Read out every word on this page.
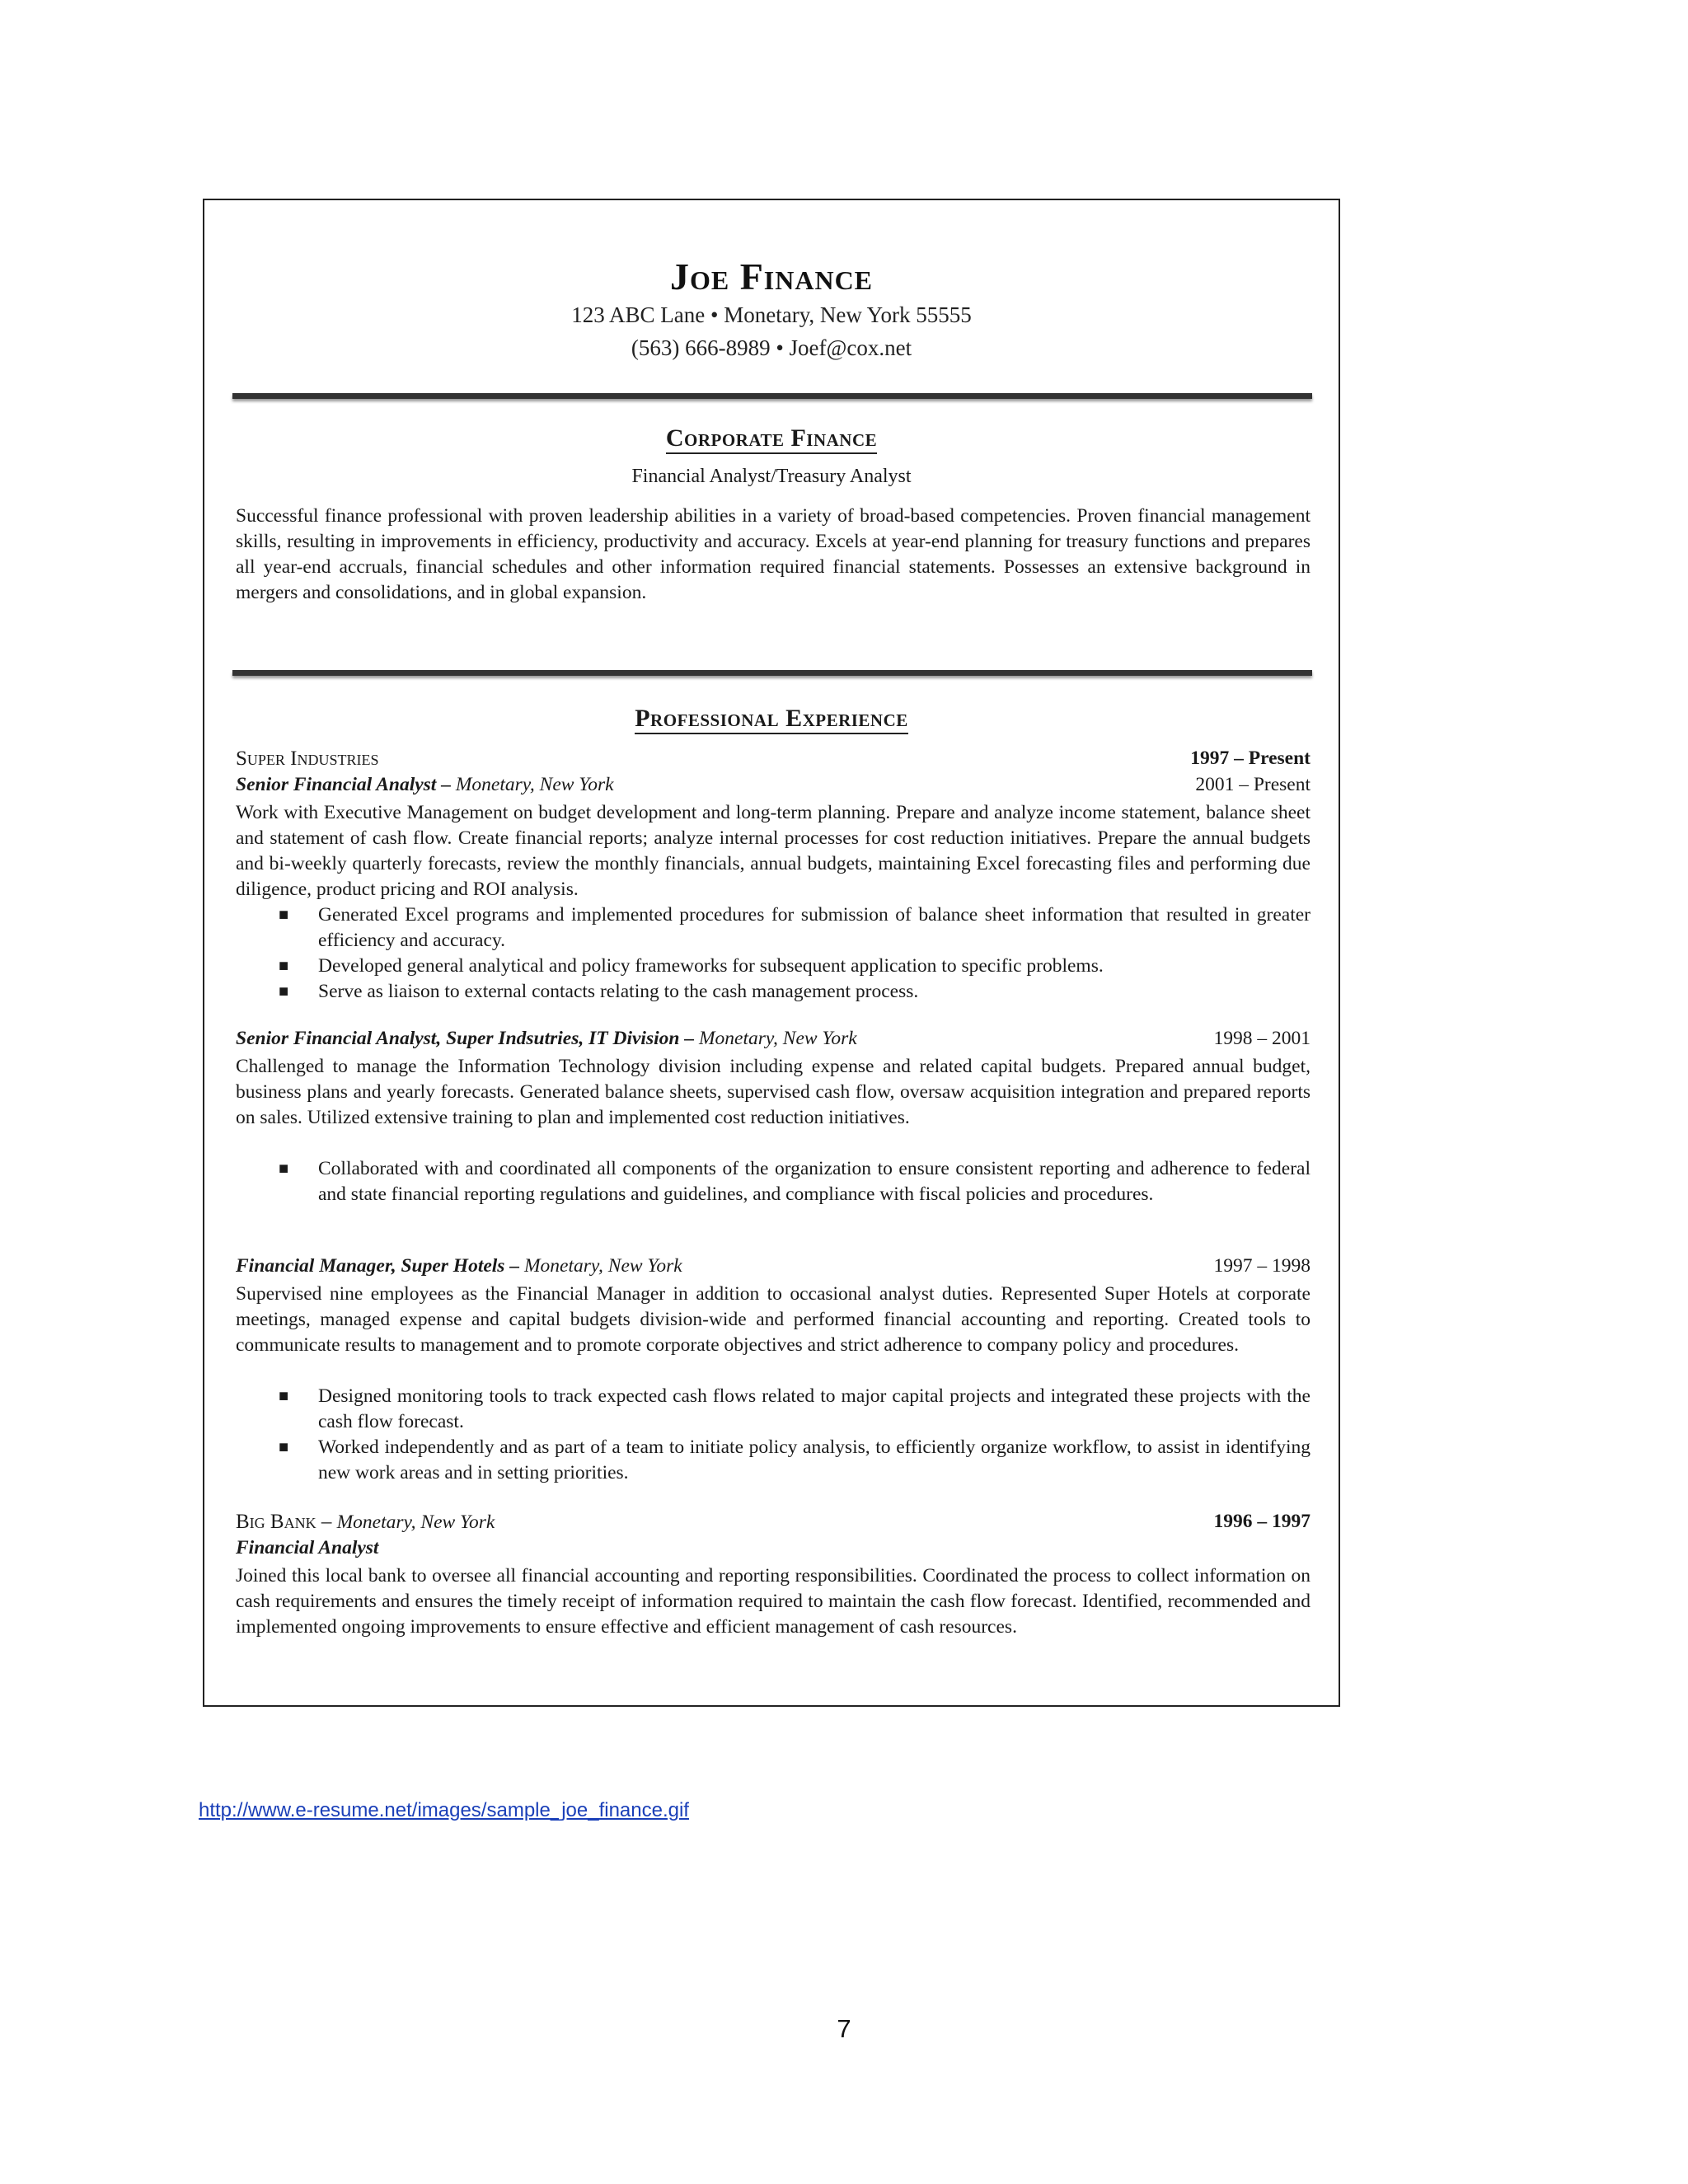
Joe Finance
123 ABC Lane • Monetary, New York 55555
(563) 666-8989 • Joef@cox.net
Corporate Finance
Financial Analyst/Treasury Analyst

Successful finance professional with proven leadership abilities in a variety of broad-based competencies. Proven financial management skills, resulting in improvements in efficiency, productivity and accuracy. Excels at year-end planning for treasury functions and prepares all year-end accruals, financial schedules and other information required financial statements. Possesses an extensive background in mergers and consolidations, and in global expansion.

Professional Experience
Super Industries	1997 – Present
Senior Financial Analyst – Monetary, New York	2001 – Present

Work with Executive Management on budget development and long-term planning. Prepare and analyze income statement, balance sheet and statement of cash flow. Create financial reports; analyze internal processes for cost reduction initiatives. Prepare the annual budgets and bi-weekly quarterly forecasts, review the monthly financials, annual budgets, maintaining Excel forecasting files and performing due diligence, product pricing and ROI analysis.

■ Generated Excel programs and implemented procedures for submission of balance sheet information that resulted in greater efficiency and accuracy.
■ Developed general analytical and policy frameworks for subsequent application to specific problems.
■ Serve as liaison to external contacts relating to the cash management process.
Senior Financial Analyst, Super Indsutries, IT Division – Monetary, New York	1998 – 2001

Challenged to manage the Information Technology division including expense and related capital budgets. Prepared annual budget, business plans and yearly forecasts. Generated balance sheets, supervised cash flow, oversaw acquisition integration and prepared reports on sales. Utilized extensive training to plan and implemented cost reduction initiatives.

■ Collaborated with and coordinated all components of the organization to ensure consistent reporting and adherence to federal and state financial reporting regulations and guidelines, and compliance with fiscal policies and procedures.
Financial Manager, Super Hotels – Monetary, New York	1997 – 1998

Supervised nine employees as the Financial Manager in addition to occasional analyst duties. Represented Super Hotels at corporate meetings, managed expense and capital budgets division-wide and performed financial accounting and reporting. Created tools to communicate results to management and to promote corporate objectives and strict adherence to company policy and procedures.

■ Designed monitoring tools to track expected cash flows related to major capital projects and integrated these projects with the cash flow forecast.
■ Worked independently and as part of a team to initiate policy analysis, to efficiently organize workflow, to assist in identifying new work areas and in setting priorities.
Big Bank – Monetary, New York	1996 – 1997
Financial Analyst

Joined this local bank to oversee all financial accounting and reporting responsibilities. Coordinated the process to collect information on cash requirements and ensures the timely receipt of information required to maintain the cash flow forecast. Identified, recommended and implemented ongoing improvements to ensure effective and efficient management of cash resources.

http://www.e-resume.net/images/sample_joe_finance.gif
7
